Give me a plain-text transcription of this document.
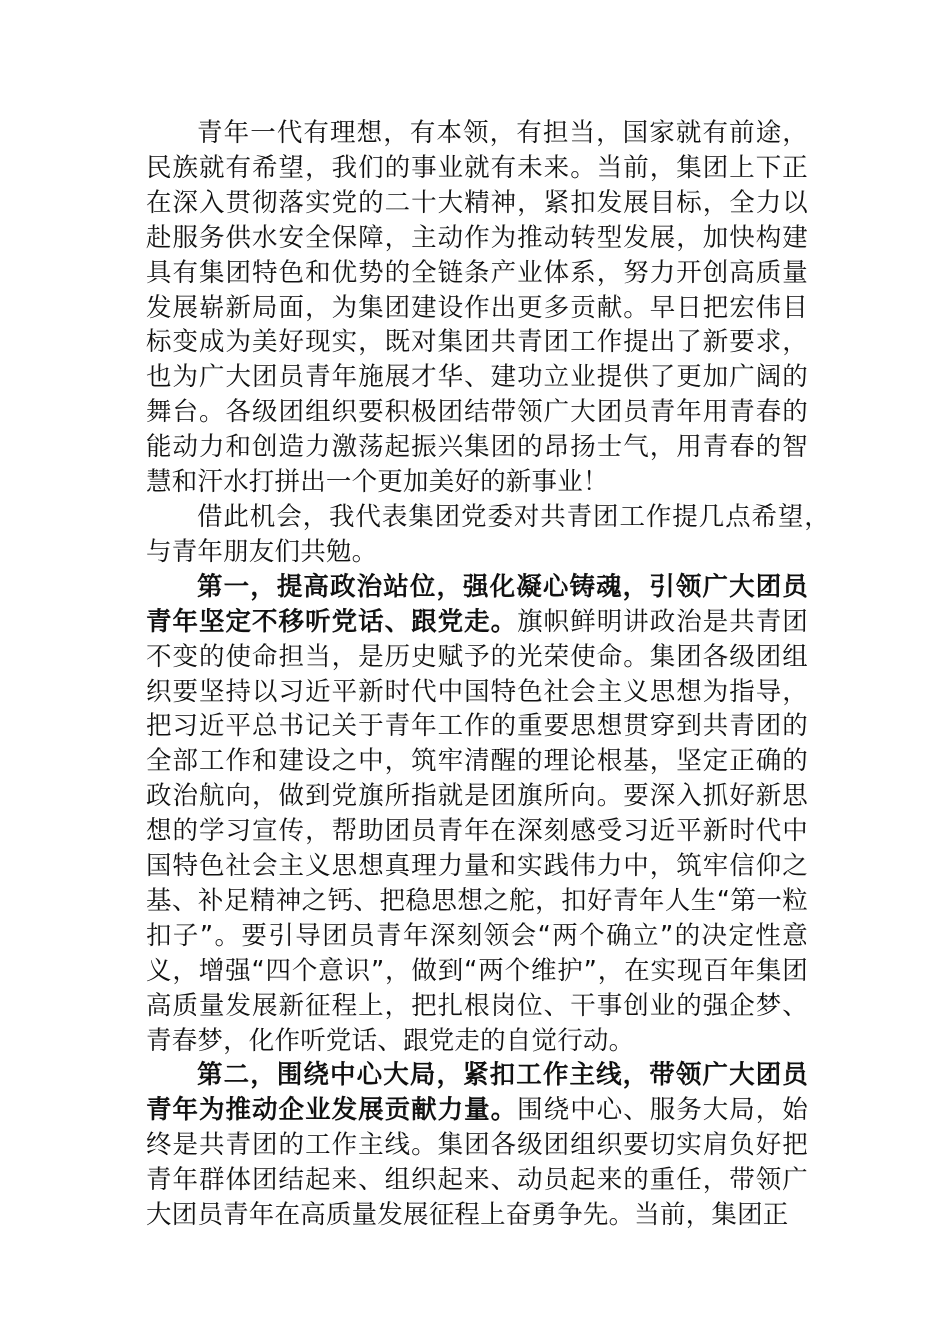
青年一代有理想，有本领，有担当，国家就有前途，民族就有希望，我们的事业就有未来。当前，集团上下正在深入贯彻落实党的二十大精神，紧扣发展目标，全力以赴服务供水安全保障，主动作为推动转型发展，加快构建具有集团特色和优势的全链条产业体系，努力开创高质量发展崭新局面，为集团建设作出更多贡献。早日把宏伟目标变成为美好现实，既对集团共青团工作提出了新要求，也为广大团员青年施展才华、建功立业提供了更加广阔的舞台。各级团组织要积极团结带领广大团员青年用青春的能动力和创造力激荡起振兴集团的昂扬士气，用青春的智慧和汗水打拼出一个更加美好的新事业！

借此机会，我代表集团党委对共青团工作提几点希望，与青年朋友们共勉。

第一，提高政治站位，强化凝心铸魂，引领广大团员青年坚定不移听党话、跟党走。旗帜鲜明讲政治是共青团不变的使命担当，是历史赋予的光荣使命。集团各级团组织要坚持以习近平新时代中国特色社会主义思想为指导，把习近平总书记关于青年工作的重要思想贯穿到共青团的全部工作和建设之中，筑牢清醒的理论根基，坚定正确的政治航向，做到党旗所指就是团旗所向。要深入抓好新思想的学习宣传，帮助团员青年在深刻感受习近平新时代中国特色社会主义思想真理力量和实践伟力中，筑牢信仰之基、补足精神之钙、把稳思想之舵，扣好青年人生“第一粒扣子”。要引导团员青年深刻领会“两个确立”的决定性意义，增强“四个意识”，做到“两个维护”，在实现百年集团高质量发展新征程上，把扎根岗位、干事创业的强企梦、青春梦，化作听党话、跟党走的自觉行动。

第二，围绕中心大局，紧扣工作主线，带领广大团员青年为推动企业发展贡献力量。围绕中心、服务大局，始终是共青团的工作主线。集团各级团组织要切实肩负好把青年群体团结起来、组织起来、动员起来的重任，带领广大团员青年在高质量发展征程上奋勇争先。当前，集团正
